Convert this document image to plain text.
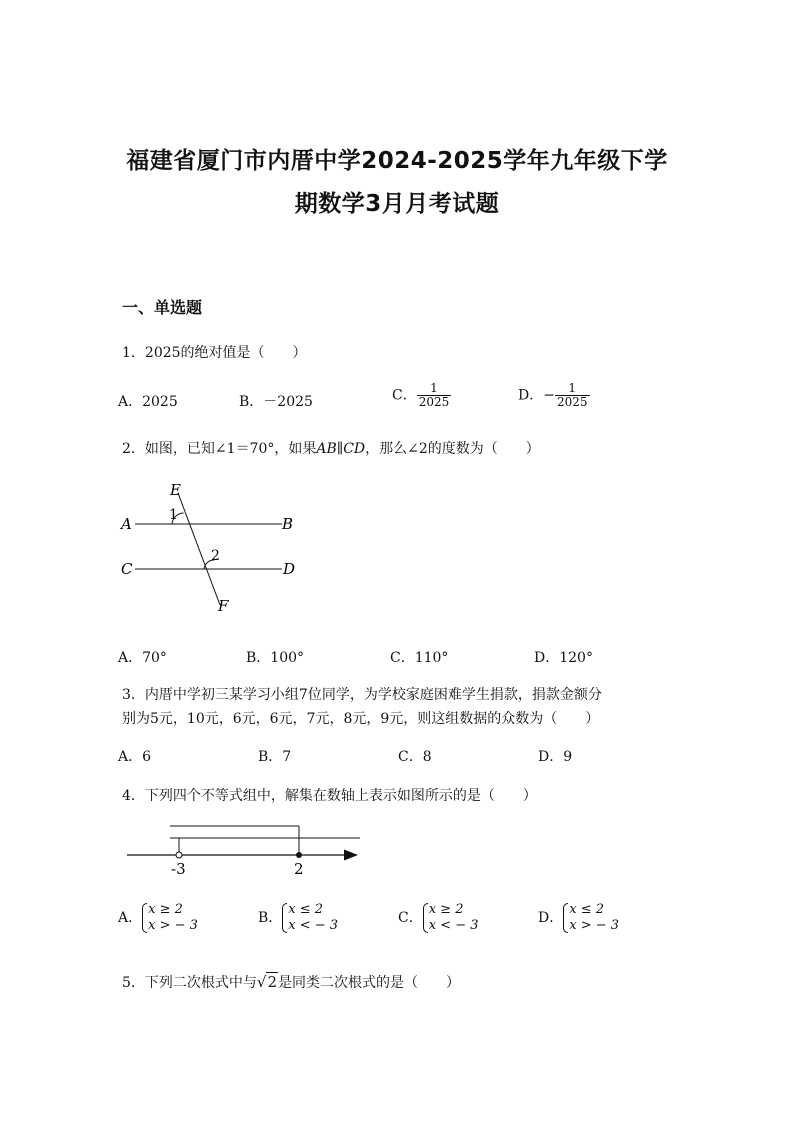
福建省厦门市内厝中学2024-2025学年九年级下学
期数学3月月考试题
一、单选题
1．2025的绝对值是（　　）
A．2025	B．－2025	C． $\frac{1}{2025}$	D．− $\frac{1}{2025}$
2．如图，已知∠1＝70°，如果AB∥CD，那么∠2的度数为（　　）
E
A	B
C	D
F
1
2
A．70°	B．100°	C．110°	D．120°
3．内厝中学初三某学习小组7位同学，为学校家庭困难学生捐款，捐款金额分
别为5元，10元，6元，6元，7元，8元，9元，则这组数据的众数为（　　）
A．6	B．7	C．8	D．9
4．下列四个不等式组中，解集在数轴上表示如图所示的是（　　）
-3	2
A．
x ≥ 2
x > − 3	B．
x ≤ 2
x < − 3	C．
x ≥ 2
x < − 3	D．
x ≤ 2
x > − 3
5．下列二次根式中与√2是同类二次根式的是（　　）
